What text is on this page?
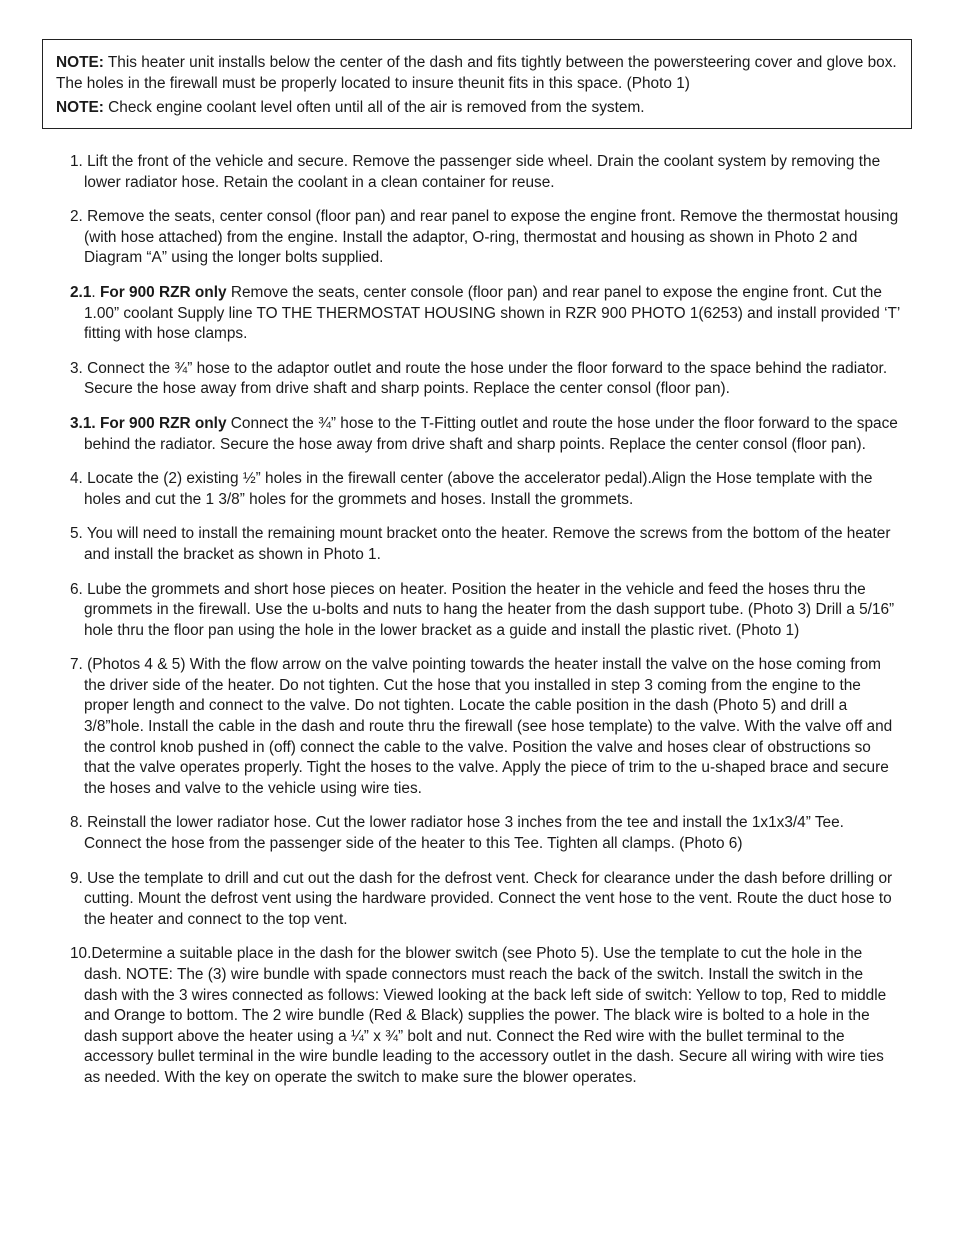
NOTE: This heater unit installs below the center of the dash and fits tightly between the powersteering cover and glove box. The holes in the firewall must be properly located to insure theunit fits in this space. (Photo 1)

NOTE: Check engine coolant level often until all of the air is removed from the system.

1. Lift the front of the vehicle and secure. Remove the passenger side wheel. Drain the coolant system by removing the lower radiator hose. Retain the coolant in a clean container for reuse.

2. Remove the seats, center consol (floor pan) and rear panel to expose the engine front. Remove the thermostat housing (with hose attached) from the engine. Install the adaptor, O-ring, thermostat and housing as shown in Photo 2 and Diagram “A” using the longer bolts supplied.

2.1. For 900 RZR only Remove the seats, center console (floor pan) and rear panel to expose the engine front. Cut the 1.00” coolant Supply line TO THE THERMOSTAT HOUSING shown in RZR 900 PHOTO 1(6253) and install provided ‘T’ fitting with hose clamps.

3. Connect the ¾” hose to the adaptor outlet and route the hose under the floor forward to the space behind the radiator. Secure the hose away from drive shaft and sharp points. Replace the center consol (floor pan).

3.1. For 900 RZR only Connect the ¾” hose to the T-Fitting outlet and route the hose under the floor forward to the space behind the radiator. Secure the hose away from drive shaft and sharp points. Replace the center consol (floor pan).

4. Locate the (2) existing ½” holes in the firewall center (above the accelerator pedal).Align the Hose template with the holes and cut the 1 3/8” holes for the grommets and hoses. Install the grommets.

5. You will need to install the remaining mount bracket onto the heater. Remove the screws from the bottom of the heater and install the bracket as shown in Photo 1.

6. Lube the grommets and short hose pieces on heater. Position the heater in the vehicle and feed the hoses thru the grommets in the firewall. Use the u-bolts and nuts to hang the heater from the dash support tube. (Photo 3) Drill a 5/16” hole thru the floor pan using the hole in the lower bracket as a guide and install the plastic rivet. (Photo 1)

7. (Photos 4 & 5) With the flow arrow on the valve pointing towards the heater install the valve on the hose coming from the driver side of the heater. Do not tighten. Cut the hose that you installed in step 3 coming from the engine to the proper length and connect to the valve. Do not tighten. Locate the cable position in the dash (Photo 5) and drill a 3/8”hole. Install the cable in the dash and route thru the firewall (see hose template) to the valve. With the valve off and the control knob pushed in (off) connect the cable to the valve. Position the valve and hoses clear of obstructions so that the valve operates properly. Tight the hoses to the valve. Apply the piece of trim to the u-shaped brace and secure the hoses and valve to the vehicle using wire ties.

8. Reinstall the lower radiator hose. Cut the lower radiator hose 3 inches from the tee and install the 1x1x3/4” Tee. Connect the hose from the passenger side of the heater to this Tee. Tighten all clamps. (Photo 6)

9. Use the template to drill and cut out the dash for the defrost vent. Check for clearance under the dash before drilling or cutting. Mount the defrost vent using the hardware provided. Connect the vent hose to the vent. Route the duct hose to the heater and connect to the top vent.

10.Determine a suitable place in the dash for the blower switch (see Photo 5). Use the template to cut the hole in the dash. NOTE: The (3) wire bundle with spade connectors must reach the back of the switch. Install the switch in the dash with the 3 wires connected as follows: Viewed looking at the back left side of switch: Yellow to top, Red to middle and Orange to bottom. The 2 wire bundle (Red & Black) supplies the power. The black wire is bolted to a hole in the dash support above the heater using a ¼” x ¾” bolt and nut. Connect the Red wire with the bullet terminal to the accessory bullet terminal in the wire bundle leading to the accessory outlet in the dash. Secure all wiring with wire ties as needed. With the key on operate the switch to make sure the blower operates.
